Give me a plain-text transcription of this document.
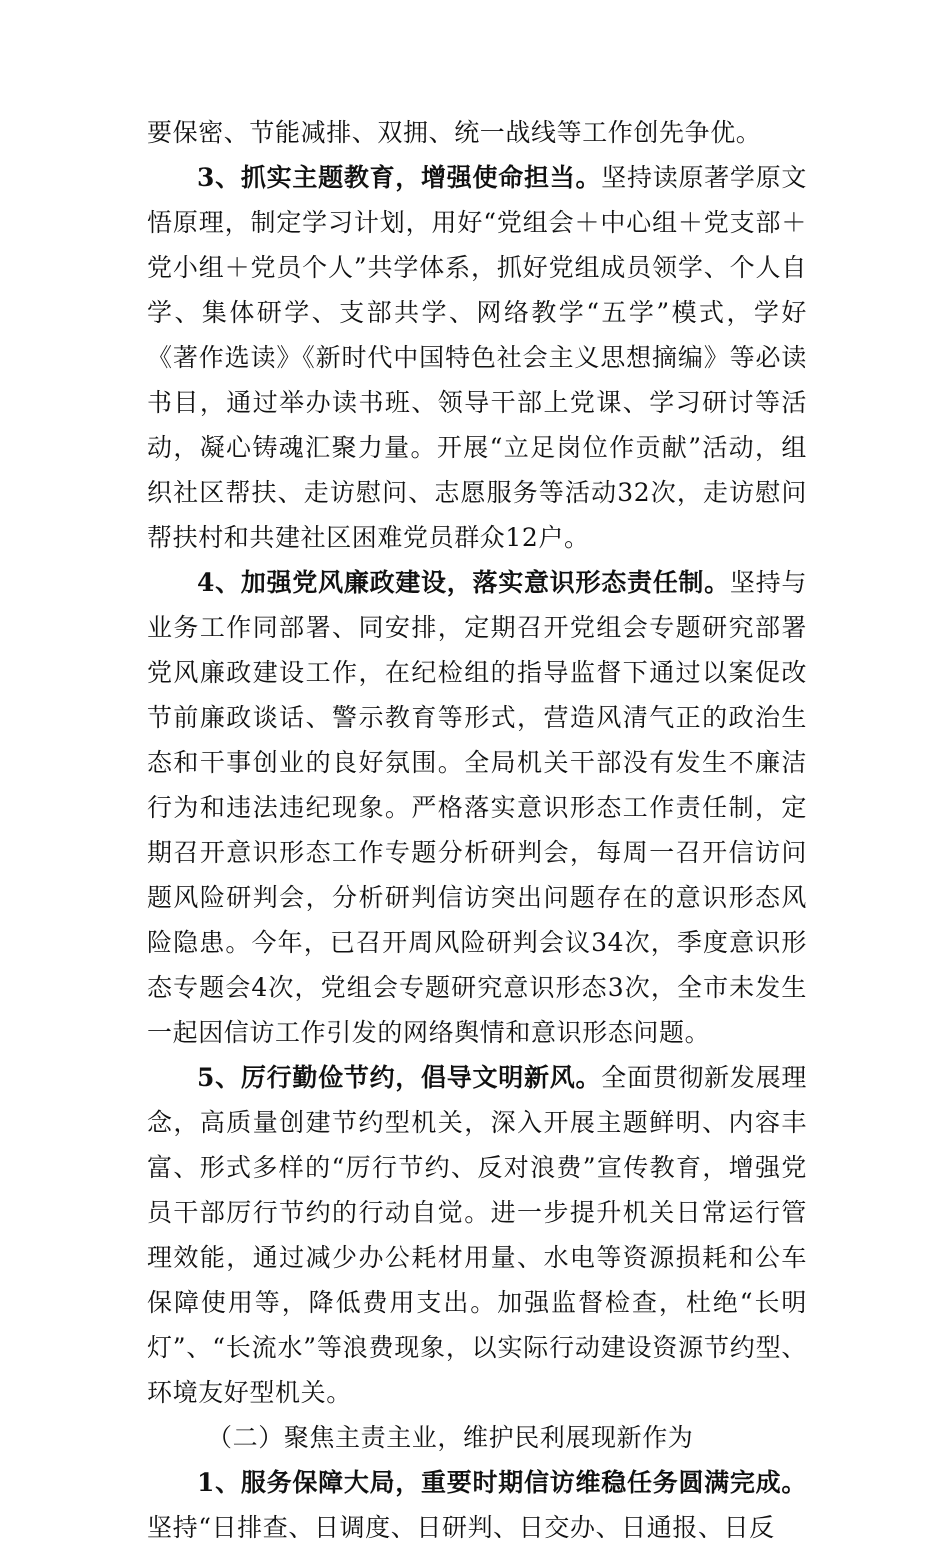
要保密、节能减排、双拥、统一战线等工作创先争优。

3、抓实主题教育，增强使命担当。坚持读原著学原文悟原理，制定学习计划，用好“党组会＋中心组＋党支部＋党小组＋党员个人”共学体系，抓好党组成员领学、个人自学、集体研学、支部共学、网络教学“五学”模式，学好《著作选读》《新时代中国特色社会主义思想摘编》等必读书目，通过举办读书班、领导干部上党课、学习研讨等活动，凝心铸魂汇聚力量。开展“立足岗位作贡献”活动，组织社区帮扶、走访慰问、志愿服务等活动32次，走访慰问帮扶村和共建社区困难党员群众12户。

4、加强党风廉政建设，落实意识形态责任制。坚持与业务工作同部署、同安排，定期召开党组会专题研究部署党风廉政建设工作，在纪检组的指导监督下通过以案促改节前廉政谈话、警示教育等形式，营造风清气正的政治生态和干事创业的良好氛围。全局机关干部没有发生不廉洁行为和违法违纪现象。严格落实意识形态工作责任制，定期召开意识形态工作专题分析研判会，每周一召开信访问题风险研判会，分析研判信访突出问题存在的意识形态风险隐患。今年，已召开周风险研判会议34次，季度意识形态专题会4次，党组会专题研究意识形态3次，全市未发生一起因信访工作引发的网络舆情和意识形态问题。

5、厉行勤俭节约，倡导文明新风。全面贯彻新发展理念，高质量创建节约型机关，深入开展主题鲜明、内容丰富、形式多样的“厉行节约、反对浪费”宣传教育，增强党员干部厉行节约的行动自觉。进一步提升机关日常运行管理效能，通过减少办公耗材用量、水电等资源损耗和公车保障使用等，降低费用支出。加强监督检查，杜绝“长明灯”、“长流水”等浪费现象，以实际行动建设资源节约型、环境友好型机关。

（二）聚焦主责主业，维护民利展现新作为

1、服务保障大局，重要时期信访维稳任务圆满完成。坚持“日排查、日调度、日研判、日交办、日通报、日反
